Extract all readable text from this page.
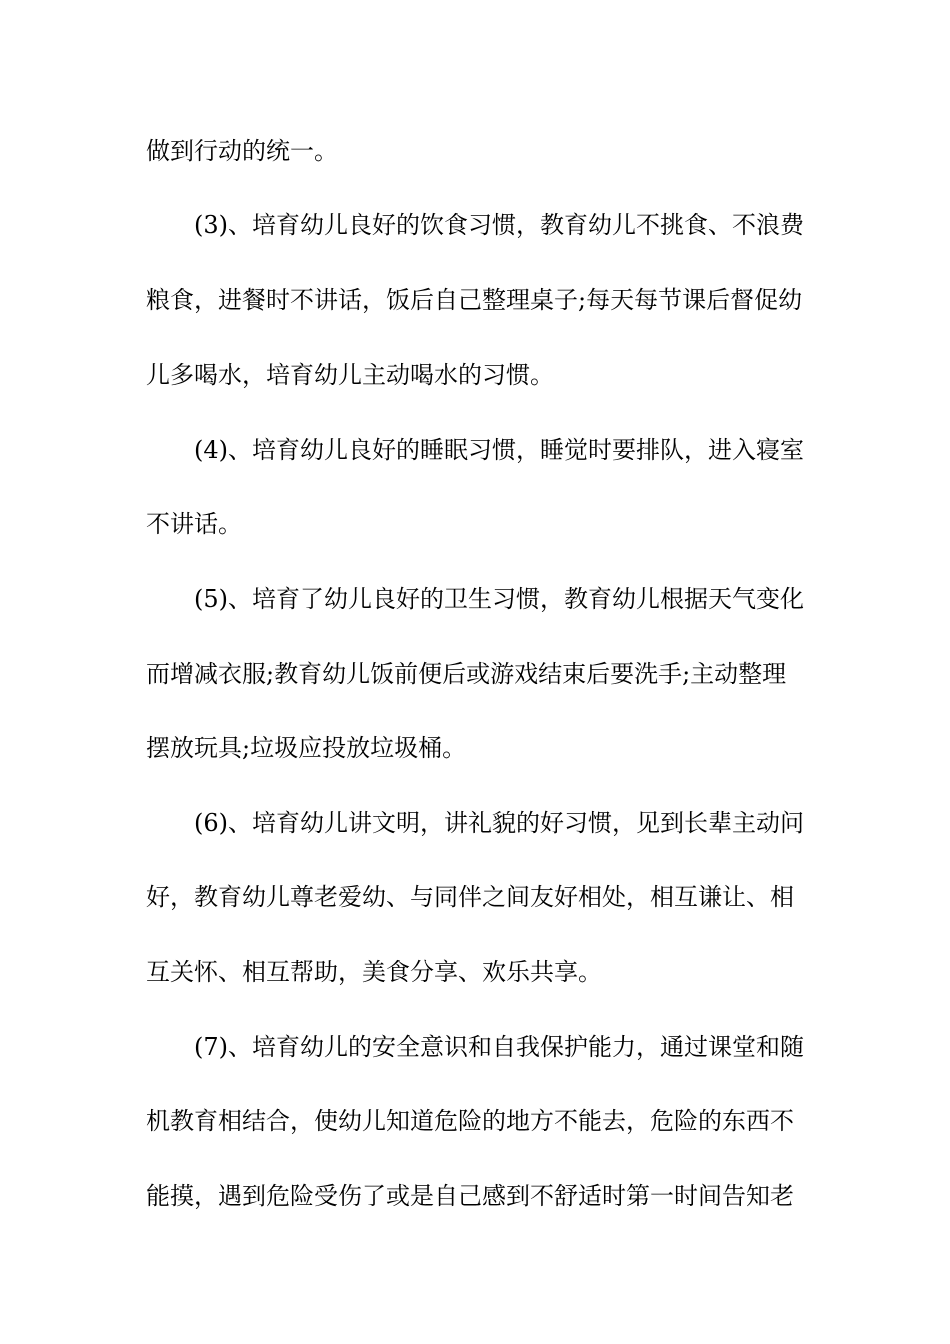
做到行动的统一。
(3)、培育幼儿良好的饮食习惯，教育幼儿不挑食、不浪费
粮食，进餐时不讲话，饭后自己整理桌子;每天每节课后督促幼
儿多喝水，培育幼儿主动喝水的习惯。
(4)、培育幼儿良好的睡眠习惯，睡觉时要排队，进入寝室
不讲话。
(5)、培育了幼儿良好的卫生习惯，教育幼儿根据天气变化
而增减衣服;教育幼儿饭前便后或游戏结束后要洗手;主动整理
摆放玩具;垃圾应投放垃圾桶。
(6)、培育幼儿讲文明，讲礼貌的好习惯，见到长辈主动问
好，教育幼儿尊老爱幼、与同伴之间友好相处，相互谦让、相
互关怀、相互帮助，美食分享、欢乐共享。
(7)、培育幼儿的安全意识和自我保护能力，通过课堂和随
机教育相结合，使幼儿知道危险的地方不能去，危险的东西不
能摸，遇到危险受伤了或是自己感到不舒适时第一时间告知老
